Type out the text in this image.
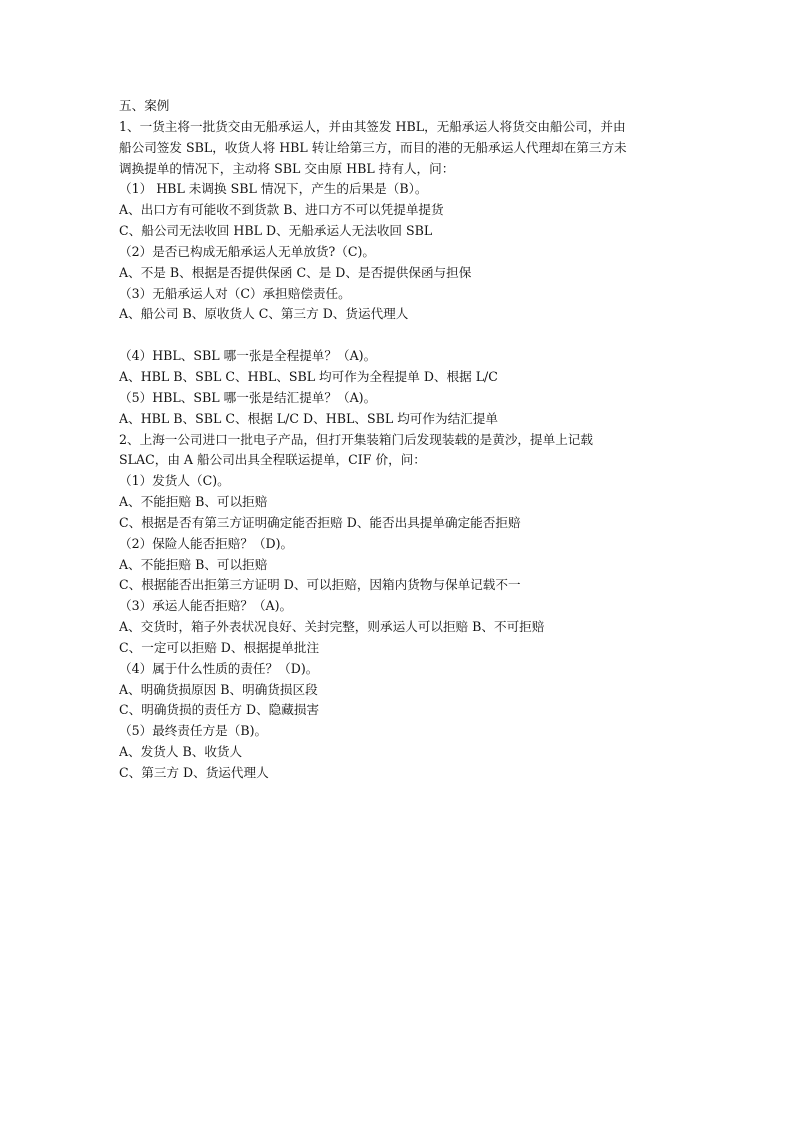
五、案例
1、一货主将一批货交由无船承运人，并由其签发 HBL，无船承运人将货交由船公司，并由
船公司签发 SBL，收货人将 HBL 转让给第三方，而目的港的无船承运人代理却在第三方未
调换提单的情况下，主动将 SBL 交由原 HBL 持有人，问：
（1） HBL 未调换 SBL 情况下，产生的后果是（B）。
A、出口方有可能收不到货款 B、进口方不可以凭提单提货
C、船公司无法收回 HBL D、无船承运人无法收回 SBL
（2）是否已构成无船承运人无单放货?（C)。
A、不是 B、根据是否提供保函 C、是 D、是否提供保函与担保
（3）无船承运人对（C）承担赔偿责任。
A、船公司 B、原收货人 C、第三方 D、货运代理人
（4）HBL、SBL 哪一张是全程提单？（A)。
A、HBL B、SBL C、HBL、SBL 均可作为全程提单 D、根据 L/C
（5）HBL、SBL 哪一张是结汇提单？（A)。
A、HBL B、SBL C、根据 L/C D、HBL、SBL 均可作为结汇提单
2、上海一公司进口一批电子产品，但打开集装箱门后发现装载的是黄沙，提单上记载
SLAC，由 A 船公司出具全程联运提单，CIF 价，问：
（1）发货人（C)。
A、不能拒赔 B、可以拒赔
C、根据是否有第三方证明确定能否拒赔 D、能否出具提单确定能否拒赔
（2）保险人能否拒赔？（D)。
A、不能拒赔 B、可以拒赔
C、根据能否出拒第三方证明 D、可以拒赔，因箱内货物与保单记载不一
（3）承运人能否拒赔？（A)。
A、交货时，箱子外表状况良好、关封完整，则承运人可以拒赔 B、不可拒赔
C、一定可以拒赔 D、根据提单批注
（4）属于什么性质的责任？（D)。
A、明确货损原因 B、明确货损区段
C、明确货损的责任方 D、隐藏损害
（5）最终责任方是（B)。
A、发货人 B、收货人
C、第三方 D、货运代理人
